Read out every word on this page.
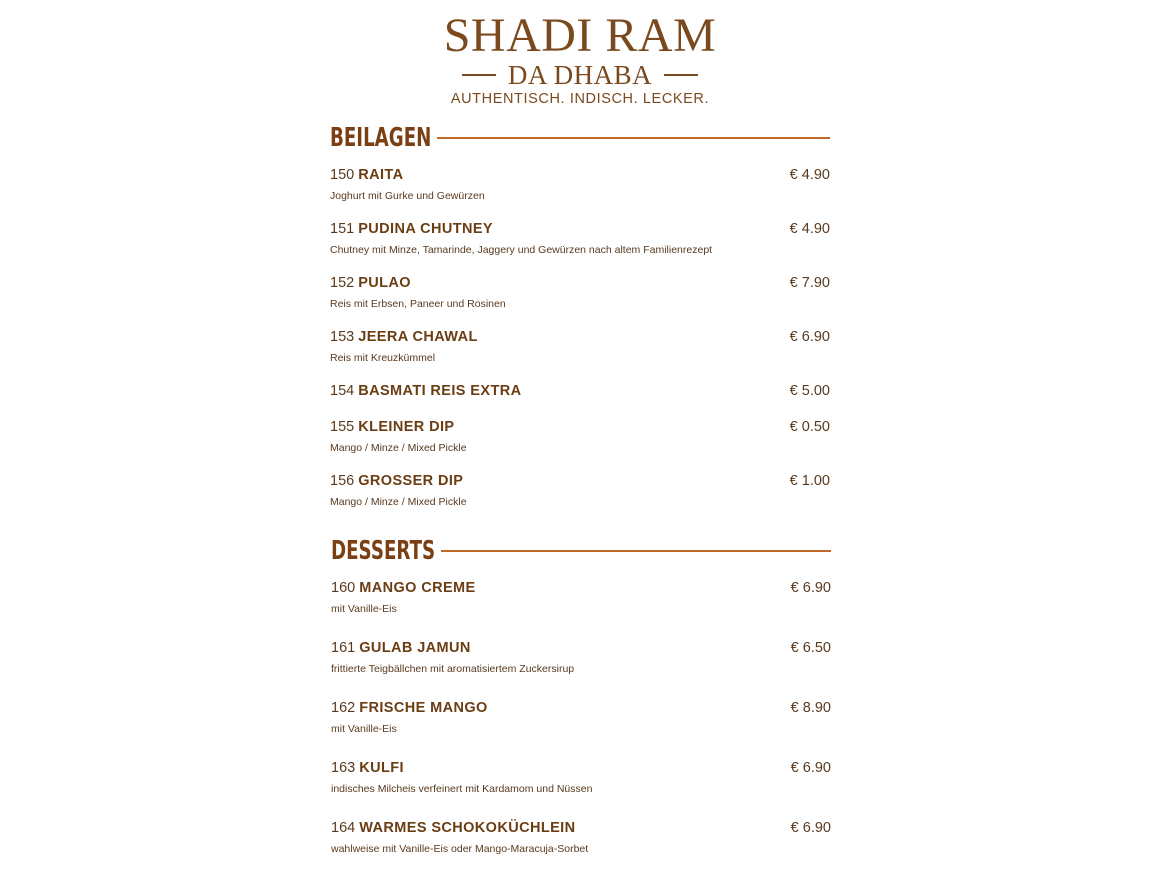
SHADI RAM
DA DHABA
AUTHENTISCH. INDISCH. LECKER.
BEILAGEN
150 RAITA
Joghurt mit Gurke und Gewürzen
€ 4.90
151 PUDINA CHUTNEY
Chutney mit Minze, Tamarinde, Jaggery und Gewürzen nach altem Familienrezept
€ 4.90
152 PULAO
Reis mit Erbsen, Paneer und Rosinen
€ 7.90
153 JEERA CHAWAL
Reis mit Kreuzkümmel
€ 6.90
154 BASMATI REIS EXTRA	€ 5.00
155 KLEINER DIP
Mango / Minze / Mixed Pickle
€ 0.50
156 GROSSER DIP
Mango / Minze / Mixed Pickle
€ 1.00
DESSERTS
160 MANGO CREME
mit Vanille-Eis
€ 6.90
161 GULAB JAMUN
frittierte Teigbällchen mit aromatisiertem Zuckersirup
€ 6.50
162 FRISCHE MANGO
mit Vanille-Eis
€ 8.90
163 KULFI
indisches Milcheis verfeinert mit Kardamom und Nüssen
€ 6.90
164 WARMES SCHOKOKÜCHLEIN
wahlweise mit Vanille-Eis oder Mango-Maracuja-Sorbet
€ 6.90
